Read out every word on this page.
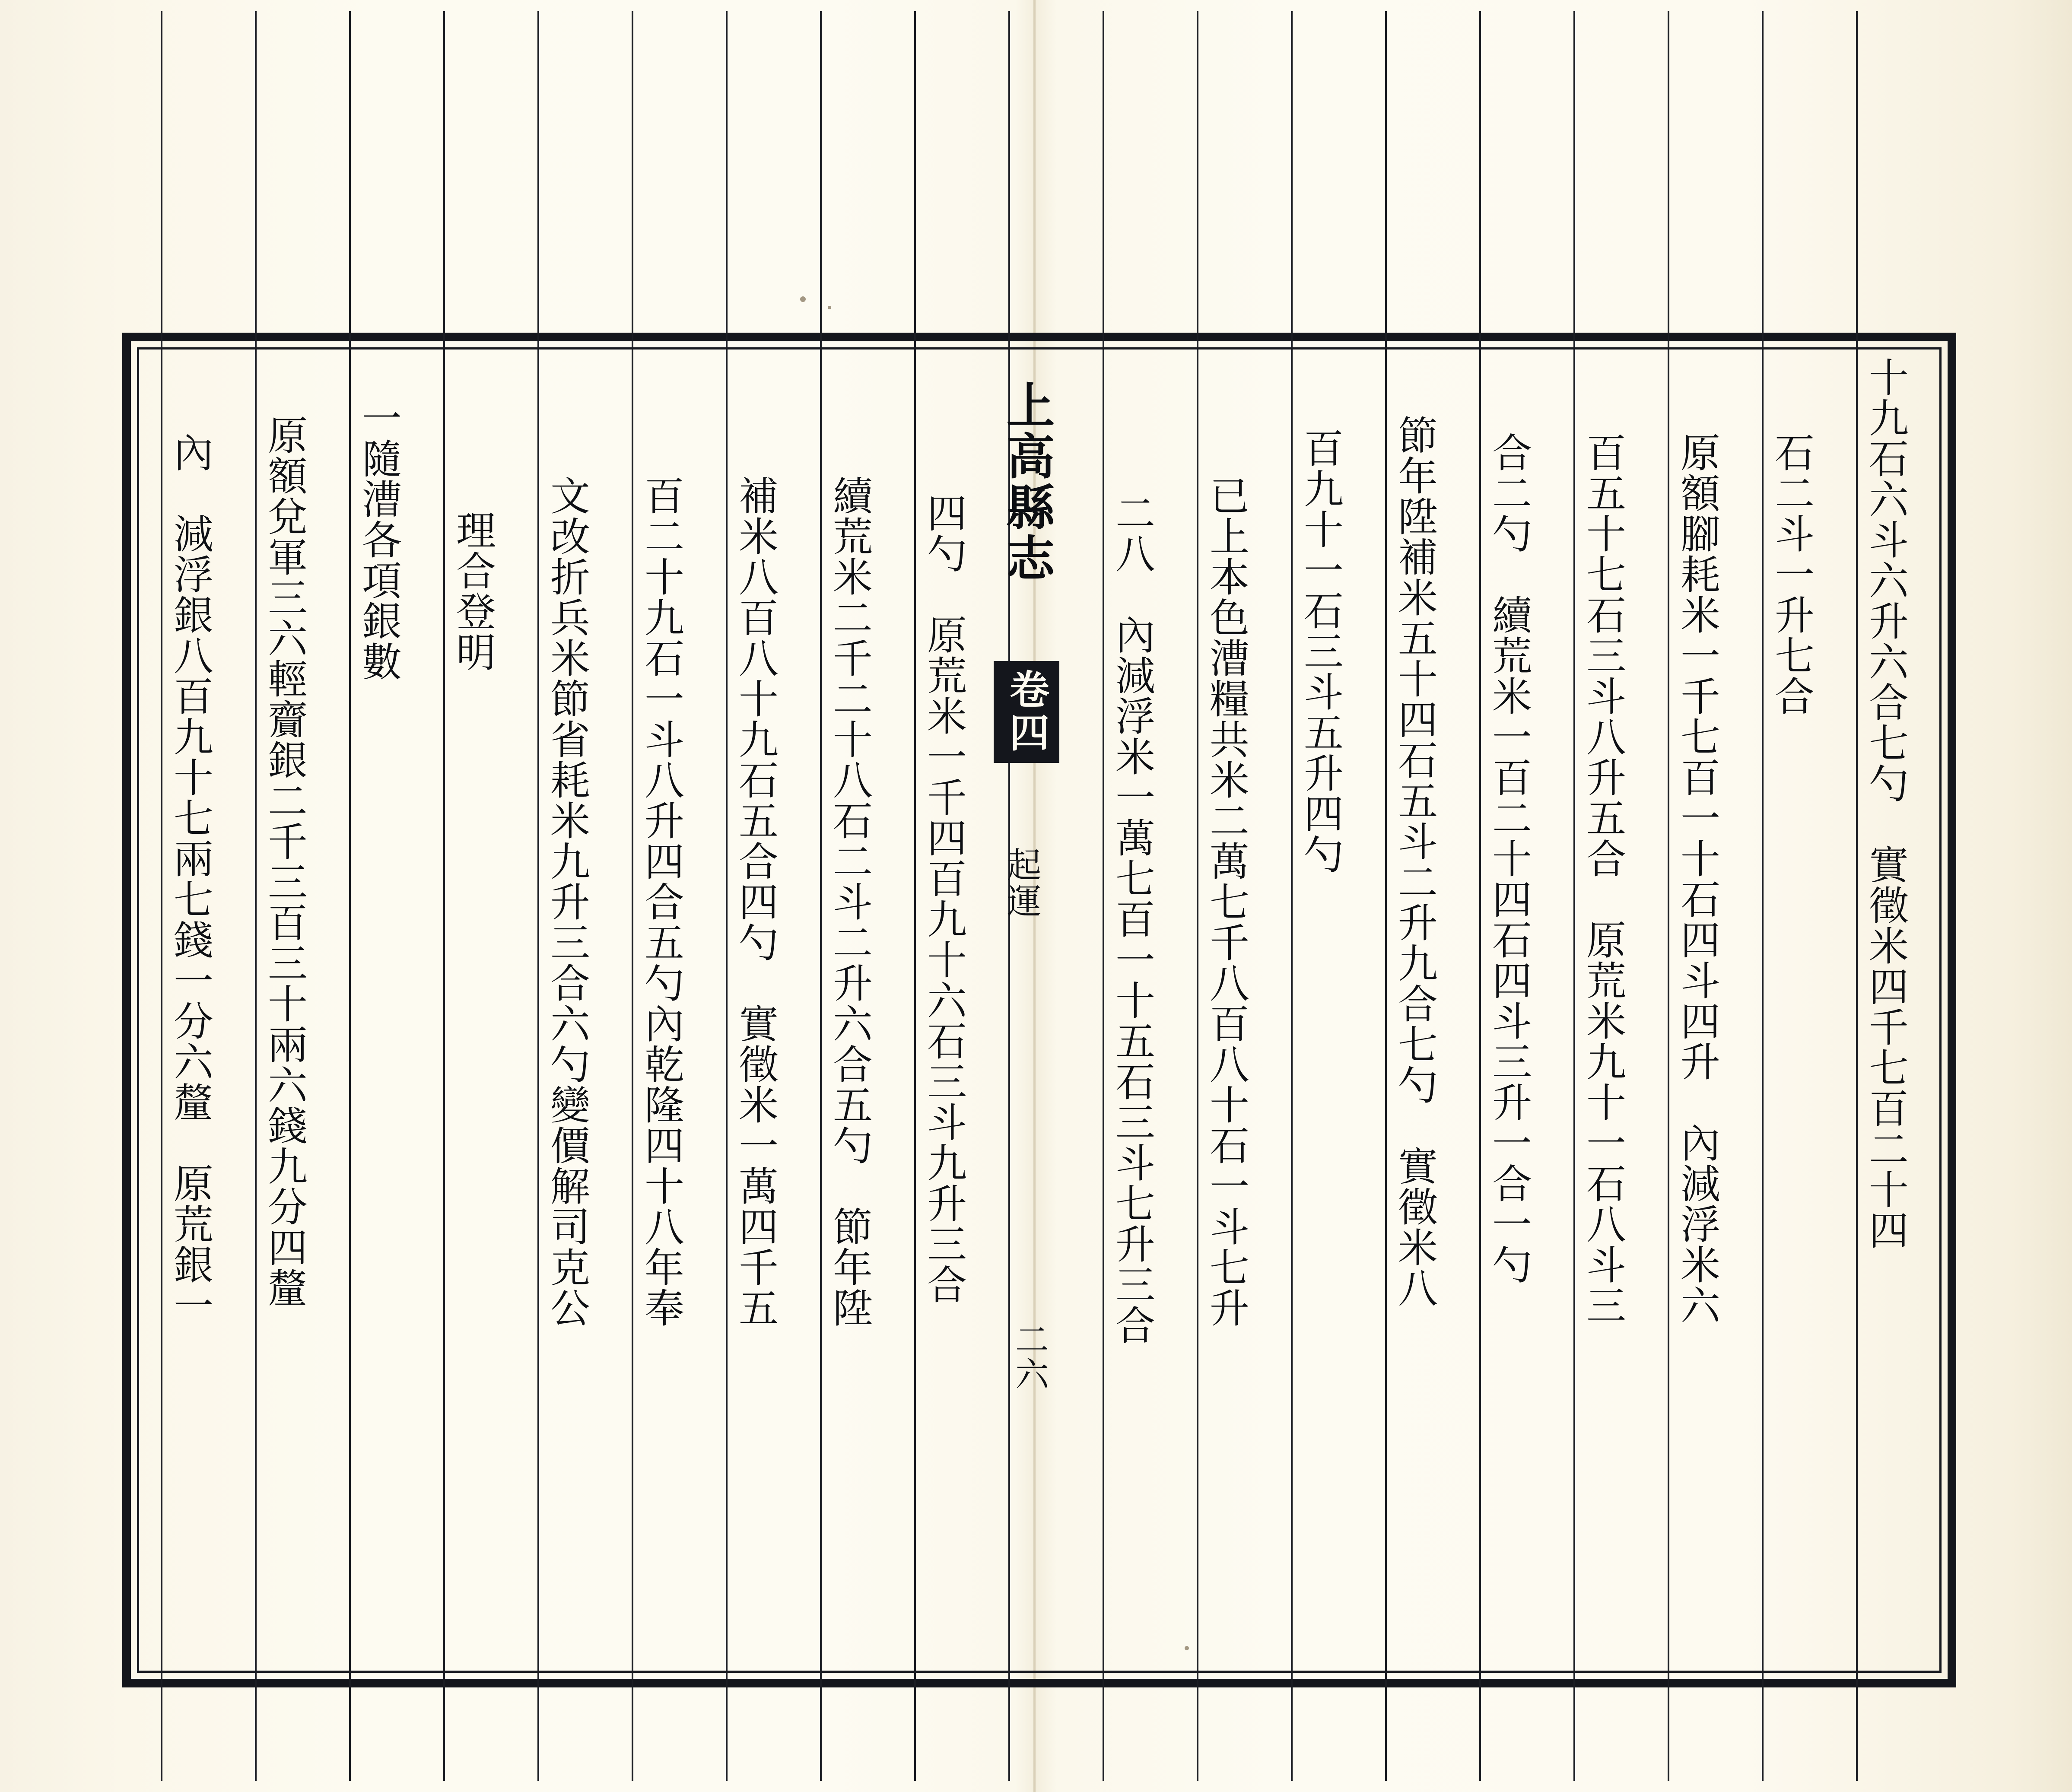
十九石六斗六升六合七勺　實徵米四千七百二十四
石二斗一升七合
原額腳耗米一千七百一十石四斗四升　內減浮米六
百五十七石三斗八升五合　原荒米九十一石八斗三
合二勺　續荒米一百二十四石四斗三升一合一勺
節年陞補米五十四石五斗二升九合七勺　實徵米八
百九十一石三斗五升四勺
上高縣志
卷四
起運	已上本色漕糧共米二萬七千八百八十石一斗七升
二八　內減浮米一萬七百一十五石三斗七升三合
四勺　原荒米一千四百九十六石三斗九升三合
續荒米二千二十八石二斗二升六合五勺　節年陞
補米八百八十九石五合四勺　實徵米一萬四千五
百二十九石一斗八升四合五勺內乾隆四十八年奉
文改折兵米節省耗米九升三合六勺變價解司克公
理合登明
一隨漕各項銀數
原額兌軍三六輕齎銀二千三百三十兩六錢九分四釐
內　減浮銀八百九十七兩七錢一分六釐　原荒銀一
二六
